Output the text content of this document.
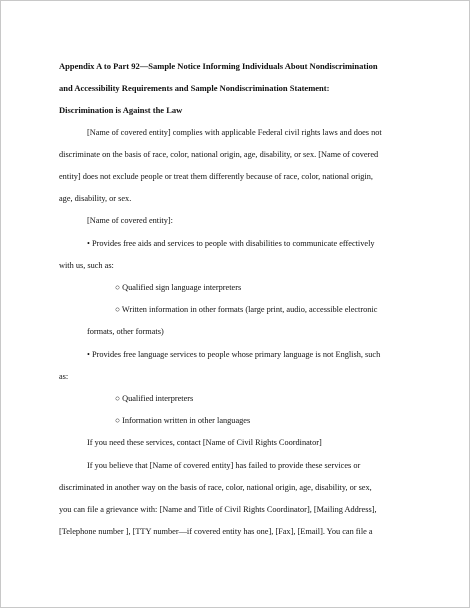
Appendix A to Part 92—Sample Notice Informing Individuals About Nondiscrimination

and Accessibility Requirements and Sample Nondiscrimination Statement:

Discrimination is Against the Law

[Name of covered entity] complies with applicable Federal civil rights laws and does not

discriminate on the basis of race, color, national origin, age, disability, or sex. [Name of covered

entity] does not exclude people or treat them differently because of race, color, national origin,

age, disability, or sex.

[Name of covered entity]:

• Provides free aids and services to people with disabilities to communicate effectively

with us, such as:

○ Qualified sign language interpreters

○ Written information in other formats (large print, audio, accessible electronic

formats, other formats)

• Provides free language services to people whose primary language is not English, such

as:

○ Qualified interpreters

○ Information written in other languages

If you need these services, contact [Name of Civil Rights Coordinator]

If you believe that [Name of covered entity] has failed to provide these services or

discriminated in another way on the basis of race, color, national origin, age, disability, or sex,

you can file a grievance with: [Name and Title of Civil Rights Coordinator], [Mailing Address],

[Telephone number ], [TTY number—if covered entity has one], [Fax], [Email]. You can file a
